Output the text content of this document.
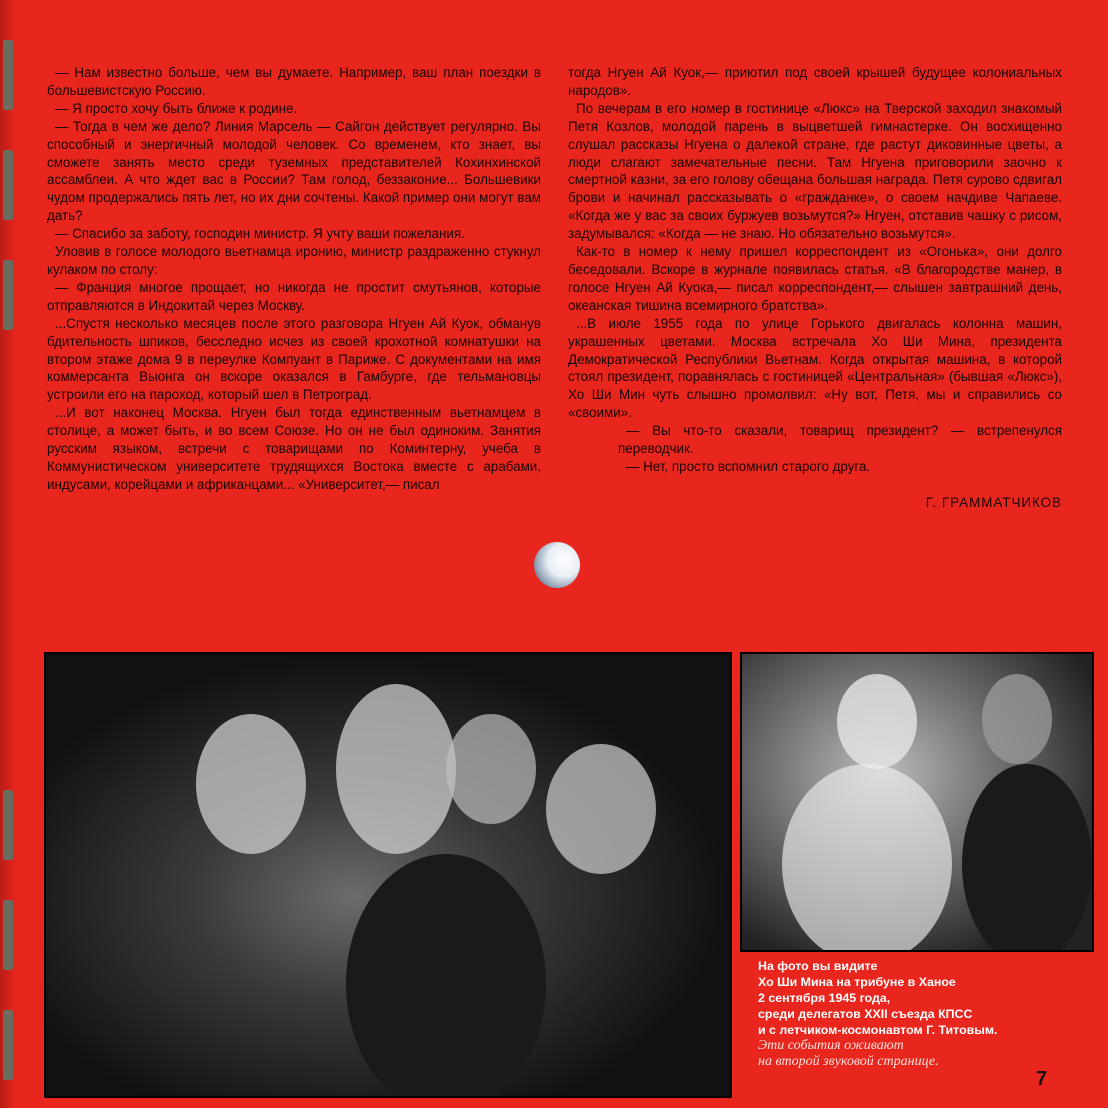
— Нам известно больше, чем вы думаете. Например, ваш план поездки в большевистскую Россию.

— Я просто хочу быть ближе к родине.

— Тогда в чем же дело? Линия Марсель — Сайгон действует регулярно. Вы способный и энергичный молодой человек. Со временем, кто знает, вы сможете занять место среди туземных представителей Кохинхинской ассамблеи. А что ждет вас в России? Там голод, беззаконие... Большевики чудом продержались пять лет, но их дни сочтены. Какой пример они могут вам дать?

— Спасибо за заботу, господин министр. Я учту ваши пожелания.

Уловив в голосе молодого вьетнамца иронию, министр раздраженно стукнул кулаком по столу:

— Франция многое прощает, но никогда не простит смутьянов, которые отправляются в Индокитай через Москву.

...Спустя несколько месяцев после этого разговора Нгуен Ай Куок, обманув бдительность шпиков, бесследно исчез из своей крохотной комнатушки на втором этаже дома 9 в переулке Компуант в Париже. С документами на имя коммерсанта Выонга он вскоре оказался в Гамбурге, где тельмановцы устроили его на пароход, который шел в Петроград.

...И вот наконец Москва. Нгуен был тогда единственным вьетнамцем в столице, а может быть, и во всем Союзе. Но он не был одиноким. Занятия русским языком, встречи с товарищами по Коминтерну, учеба в Коммунистическом университете трудящихся Востока вместе с арабами, индусами, корейцами и африканцами... «Университет,— писал

тогда Нгуен Ай Куок,— приютил под своей крышей будущее колониальных народов».

По вечерам в его номер в гостинице «Люкс» на Тверской заходил знакомый Петя Козлов, молодой парень в выцветшей гимнастерке. Он восхищенно слушал рассказы Нгуена о далекой стране, где растут диковинные цветы, а люди слагают замечательные песни. Там Нгуена приговорили заочно к смертной казни, за его голову обещана большая награда. Петя сурово сдвигал брови и начинал рассказывать о «гражданке», о своем начдиве Чапаеве. «Когда же у вас за своих буржуев возьмутся?» Нгуен, отставив чашку с рисом, задумывался: «Когда — не знаю. Но обязательно возьмутся».

Как-то в номер к нему пришел корреспондент из «Огонька», они долго беседовали. Вскоре в журнале появилась статья. «В благородстве манер, в голосе Нгуен Ай Куока,— писал корреспондент,— слышен завтрашний день, океанская тишина всемирного братства».

...В июле 1955 года по улице Горького двигалась колонна машин, украшенных цветами. Москва встречала Хо Ши Мина, президента Демократической Республики Вьетнам. Когда открытая машина, в которой стоял президент, поравнялась с гостиницей «Центральная» (бывшая «Люкс»), Хо Ши Мин чуть слышно промолвил: «Ну вот, Петя, мы и справились со «своими».

— Вы что-то сказали, товарищ президент? — встрепенулся переводчик.

— Нет, просто вспомнил старого друга.

Г. ГРАММАТЧИКОВ

На фото вы видите
Хо Ши Мина на трибуне в Ханое
2 сентября 1945 года,
среди делегатов XXII съезда КПСС
и с летчиком-космонавтом Г. Титовым.
Эти события оживают
на второй звуковой странице.
7
